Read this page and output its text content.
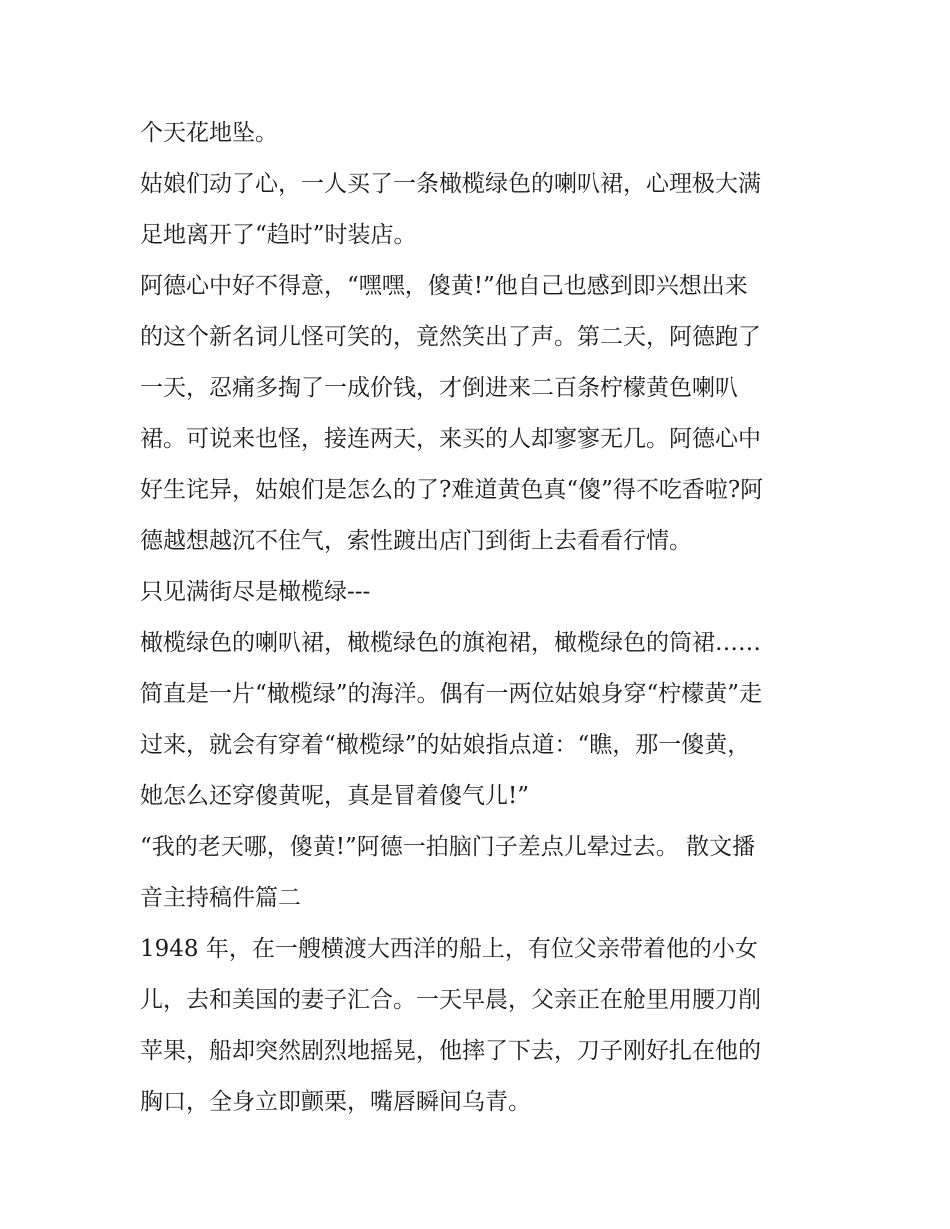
个天花地坠。
姑娘们动了心，一人买了一条橄榄绿色的喇叭裙，心理极大满
足地离开了“趋时”时装店。
阿德心中好不得意，“嘿嘿，傻黄!”他自己也感到即兴想出来
的这个新名词儿怪可笑的，竟然笑出了声。第二天，阿德跑了
一天，忍痛多掏了一成价钱，才倒进来二百条柠檬黄色喇叭
裙。可说来也怪，接连两天，来买的人却寥寥无几。阿德心中
好生诧异，姑娘们是怎么的了?难道黄色真“傻”得不吃香啦?阿
德越想越沉不住气，索性踱出店门到街上去看看行情。
只见满街尽是橄榄绿---
橄榄绿色的喇叭裙，橄榄绿色的旗袍裙，橄榄绿色的筒裙……
简直是一片“橄榄绿”的海洋。偶有一两位姑娘身穿“柠檬黄”走
过来，就会有穿着“橄榄绿”的姑娘指点道：“瞧，那一傻黄，
她怎么还穿傻黄呢，真是冒着傻气儿!”
“我的老天哪，傻黄!”阿德一拍脑门子差点儿晕过去。 散文播
音主持稿件篇二
1948 年，在一艘横渡大西洋的船上，有位父亲带着他的小女
儿，去和美国的妻子汇合。一天早晨，父亲正在舱里用腰刀削
苹果，船却突然剧烈地摇晃，他摔了下去，刀子刚好扎在他的
胸口，全身立即颤栗，嘴唇瞬间乌青。
